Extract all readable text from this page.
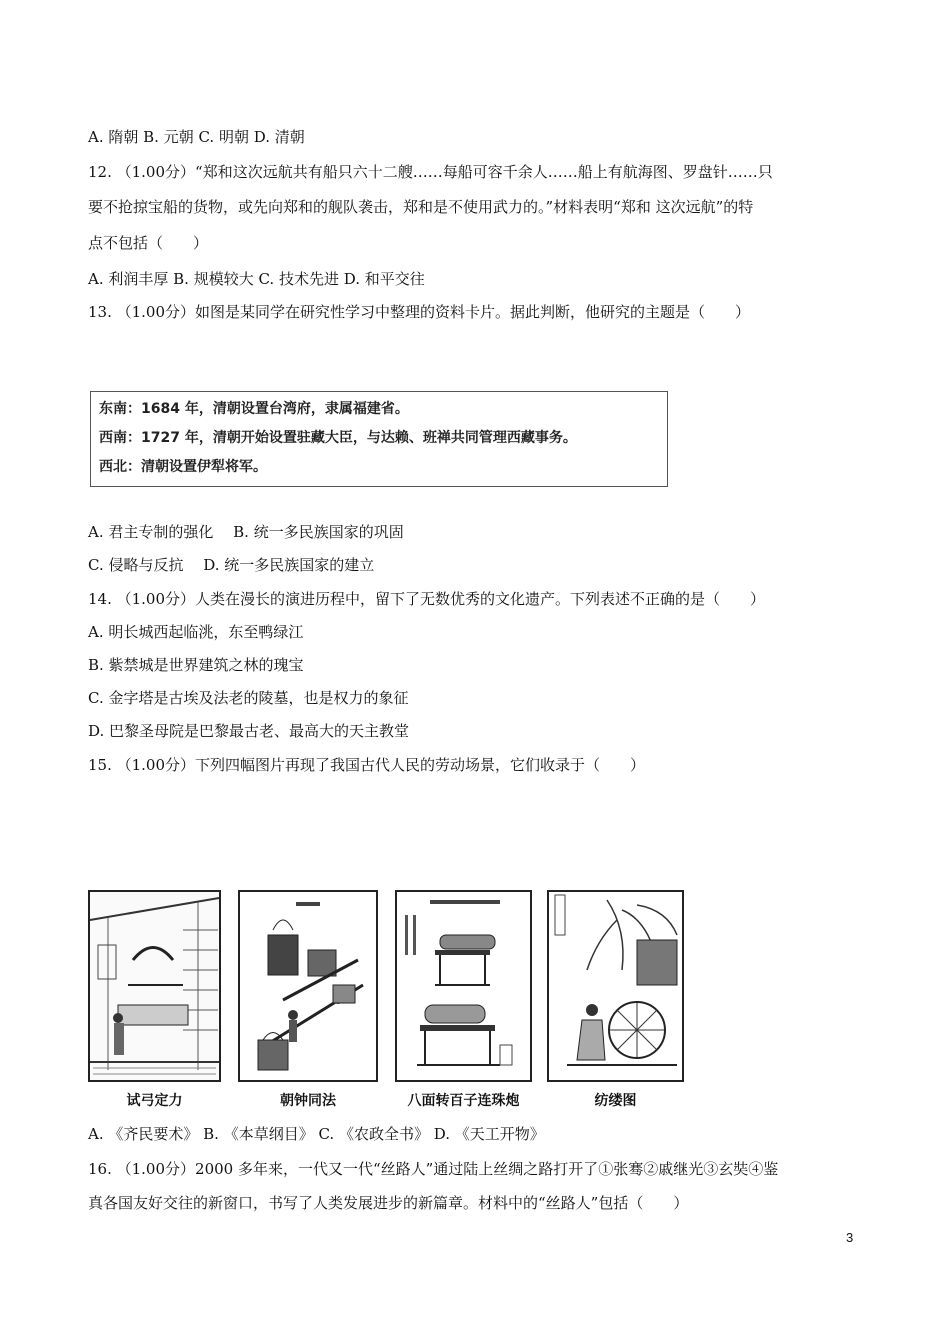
A. 隋朝 B. 元朝 C. 明朝 D. 清朝
12. （1.00分）“郑和这次远航共有船只六十二艘……每船可容千余人……船上有航海图、罗盘针……只
要不抢掠宝船的货物，或先向郑和的舰队袭击，郑和是不使用武力的。”材料表明“郑和 这次远航”的特
点不包括（　　）
A. 利润丰厚 B. 规模较大 C. 技术先进 D. 和平交往
13. （1.00分）如图是某同学在研究性学习中整理的资料卡片。据此判断，他研究的主题是（　　）
东南：1684 年，清朝设置台湾府，隶属福建省。
西南：1727 年，清朝开始设置驻藏大臣，与达赖、班禅共同管理西藏事务。
西北：清朝设置伊犁将军。
A. 君主专制的强化　 B. 统一多民族国家的巩固
C. 侵略与反抗　 D. 统一多民族国家的建立
14. （1.00分）人类在漫长的演进历程中，留下了无数优秀的文化遗产。下列表述不正确的是（　　）
A. 明长城西起临洮，东至鸭绿江
B. 紫禁城是世界建筑之林的瑰宝
C. 金字塔是古埃及法老的陵墓，也是权力的象征
D. 巴黎圣母院是巴黎最古老、最高大的天主教堂
15. （1.00分）下列四幅图片再现了我国古代人民的劳动场景，它们收录于（　　）
试弓定力	朝钟同法	八面转百子连珠炮	纺缕图
A. 《齐民要术》 B. 《本草纲目》 C. 《农政全书》 D. 《天工开物》
16. （1.00分）2000 多年来，一代又一代“丝路人”通过陆上丝绸之路打开了①张骞②戚继光③玄奘④鉴
真各国友好交往的新窗口，书写了人类发展进步的新篇章。材料中的“丝路人”包括（　　）
3
